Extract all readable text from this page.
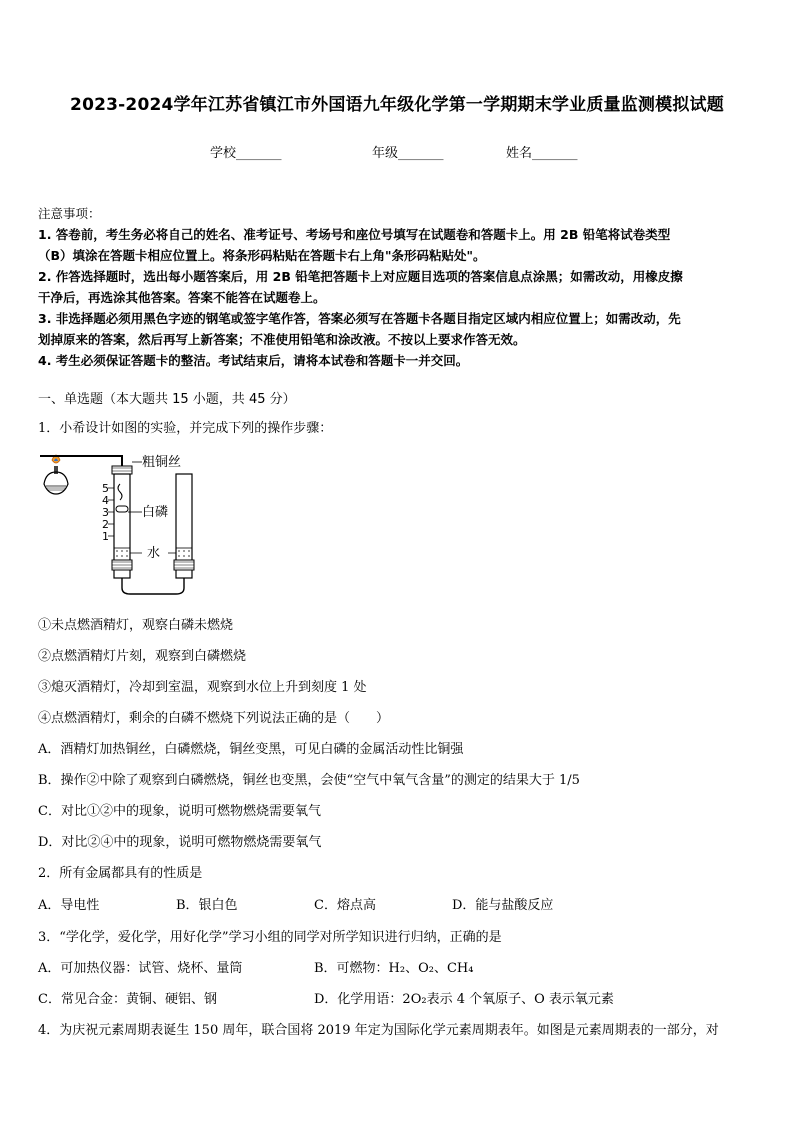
2023-2024学年江苏省镇江市外国语九年级化学第一学期期末学业质量监测模拟试题
学校_______	年级_______	姓名_______

注意事项：

1. 答卷前，考生务必将自己的姓名、准考证号、考场号和座位号填写在试题卷和答题卡上。用 2B 铅笔将试卷类型

（B）填涂在答题卡相应位置上。将条形码粘贴在答题卡右上角"条形码粘贴处"。

2. 作答选择题时，选出每小题答案后，用 2B 铅笔把答题卡上对应题目选项的答案信息点涂黑；如需改动，用橡皮擦

干净后，再选涂其他答案。答案不能答在试题卷上。

3. 非选择题必须用黑色字迹的钢笔或签字笔作答，答案必须写在答题卡各题目指定区域内相应位置上；如需改动，先

划掉原来的答案，然后再写上新答案；不准使用铅笔和涂改液。不按以上要求作答无效。

4. 考生必须保证答题卡的整洁。考试结束后，请将本试卷和答题卡一并交回。

一、单选题（本大题共 15 小题，共 45 分）
1．小希设计如图的实验，并完成下列的操作步骤：
5
4
3
2
1
粗铜丝
白磷
水
①未点燃酒精灯，观察白磷未燃烧
②点燃酒精灯片刻，观察到白磷燃烧
③熄灭酒精灯，冷却到室温，观察到水位上升到刻度 1 处
④点燃酒精灯，剩余的白磷不燃烧下列说法正确的是（　　）
A．酒精灯加热铜丝，白磷燃烧，铜丝变黑，可见白磷的金属活动性比铜强
B．操作②中除了观察到白磷燃烧，铜丝也变黑，会使“空气中氧气含量”的测定的结果大于 1/5
C．对比①②中的现象，说明可燃物燃烧需要氧气
D．对比②④中的现象，说明可燃物燃烧需要氧气
2．所有金属都具有的性质是
A．导电性	B．银白色	C．熔点高	D．能与盐酸反应
3．“学化学，爱化学，用好化学”学习小组的同学对所学知识进行归纳，正确的是
A．可加热仪器：试管、烧杯、量筒	B．可燃物：H₂、O₂、CH₄
C．常见合金：黄铜、硬铝、钢	D．化学用语：2O₂表示 4 个氧原子、O 表示氧元素
4．为庆祝元素周期表诞生 150 周年，联合国将 2019 年定为国际化学元素周期表年。如图是元素周期表的一部分，对
